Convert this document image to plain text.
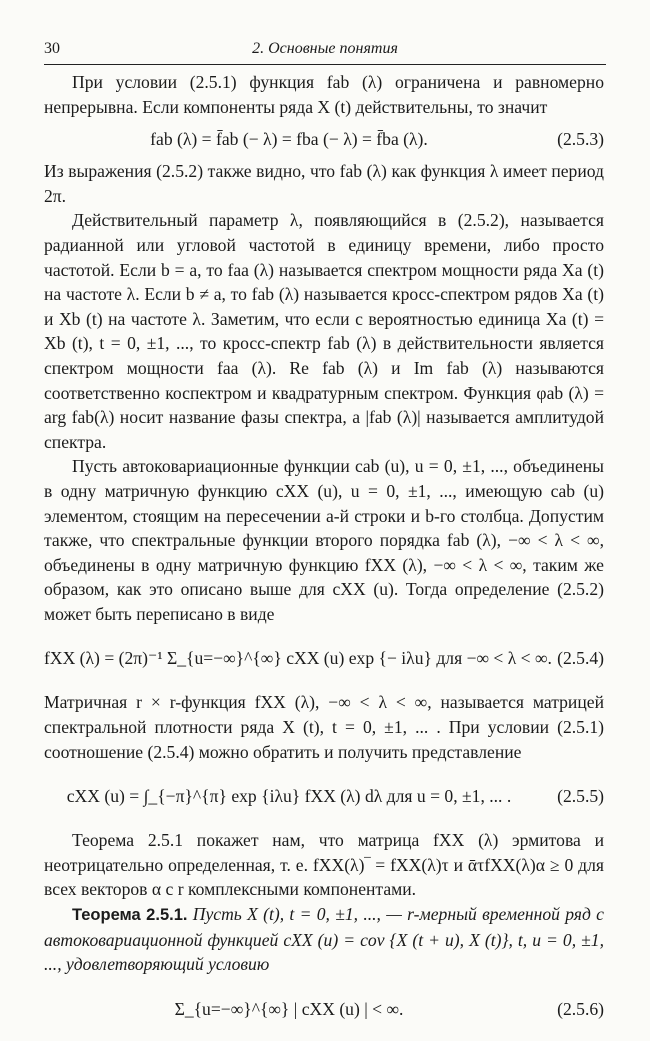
30	2. Основные понятия

При условии (2.5.1) функция fab (λ) ограничена и равномерно непрерывна. Если компоненты ряда X (t) действительны, то значит

fab (λ) = f̄ab (− λ) = fba (− λ) = f̄ba (λ).	(2.5.3)

Из выражения (2.5.2) также видно, что fab (λ) как функция λ имеет период 2π.

Действительный параметр λ, появляющийся в (2.5.2), называется радианной или угловой частотой в единицу времени, либо просто частотой. Если b = a, то faa (λ) называется спектром мощности ряда Xa (t) на частоте λ. Если b ≠ a, то fab (λ) называется кросс-спектром рядов Xa (t) и Xb (t) на частоте λ. Заметим, что если с вероятностью единица Xa (t) = Xb (t), t = 0, ±1, ..., то кросс-спектр fab (λ) в действительности является спектром мощности faa (λ). Re fab (λ) и Im fab (λ) называются соответственно коспектром и квадратурным спектром. Функция φab (λ) = arg fab(λ) носит название фазы спектра, а |fab (λ)| называется амплитудой спектра.

Пусть автоковариационные функции cab (u), u = 0, ±1, ..., объединены в одну матричную функцию cXX (u), u = 0, ±1, ..., имеющую cab (u) элементом, стоящим на пересечении a-й строки и b-го столбца. Допустим также, что спектральные функции второго порядка fab (λ), −∞ < λ < ∞, объединены в одну матричную функцию fXX (λ), −∞ < λ < ∞, таким же образом, как это описано выше для cXX (u). Тогда определение (2.5.2) может быть переписано в виде

fXX (λ) = (2π)⁻¹ Σ_{u=−∞}^{∞} cXX (u) exp {− iλu} для −∞ < λ < ∞. (2.5.4)

Матричная r × r-функция fXX (λ), −∞ < λ < ∞, называется матрицей спектральной плотности ряда X (t), t = 0, ±1, ... . При условии (2.5.1) соотношение (2.5.4) можно обратить и получить представление

cXX (u) = ∫_{−π}^{π} exp {iλu} fXX (λ) dλ для u = 0, ±1, ... .	(2.5.5)

Теорема 2.5.1 покажет нам, что матрица fXX (λ) эрмитова и неотрицательно определенная, т. е. fXX(λ)‾ = fXX(λ)τ и ᾱτfXX(λ)α ≥ 0 для всех векторов α с r комплексными компонентами.

Теорема 2.5.1. Пусть X (t), t = 0, ±1, ..., — r-мерный временной ряд с автоковариационной функцией cXX (u) = cov {X (t + u), X (t)}, t, u = 0, ±1, ..., удовлетворяющий условию

Σ_{u=−∞}^{∞} | cXX (u) | < ∞.	(2.5.6)
